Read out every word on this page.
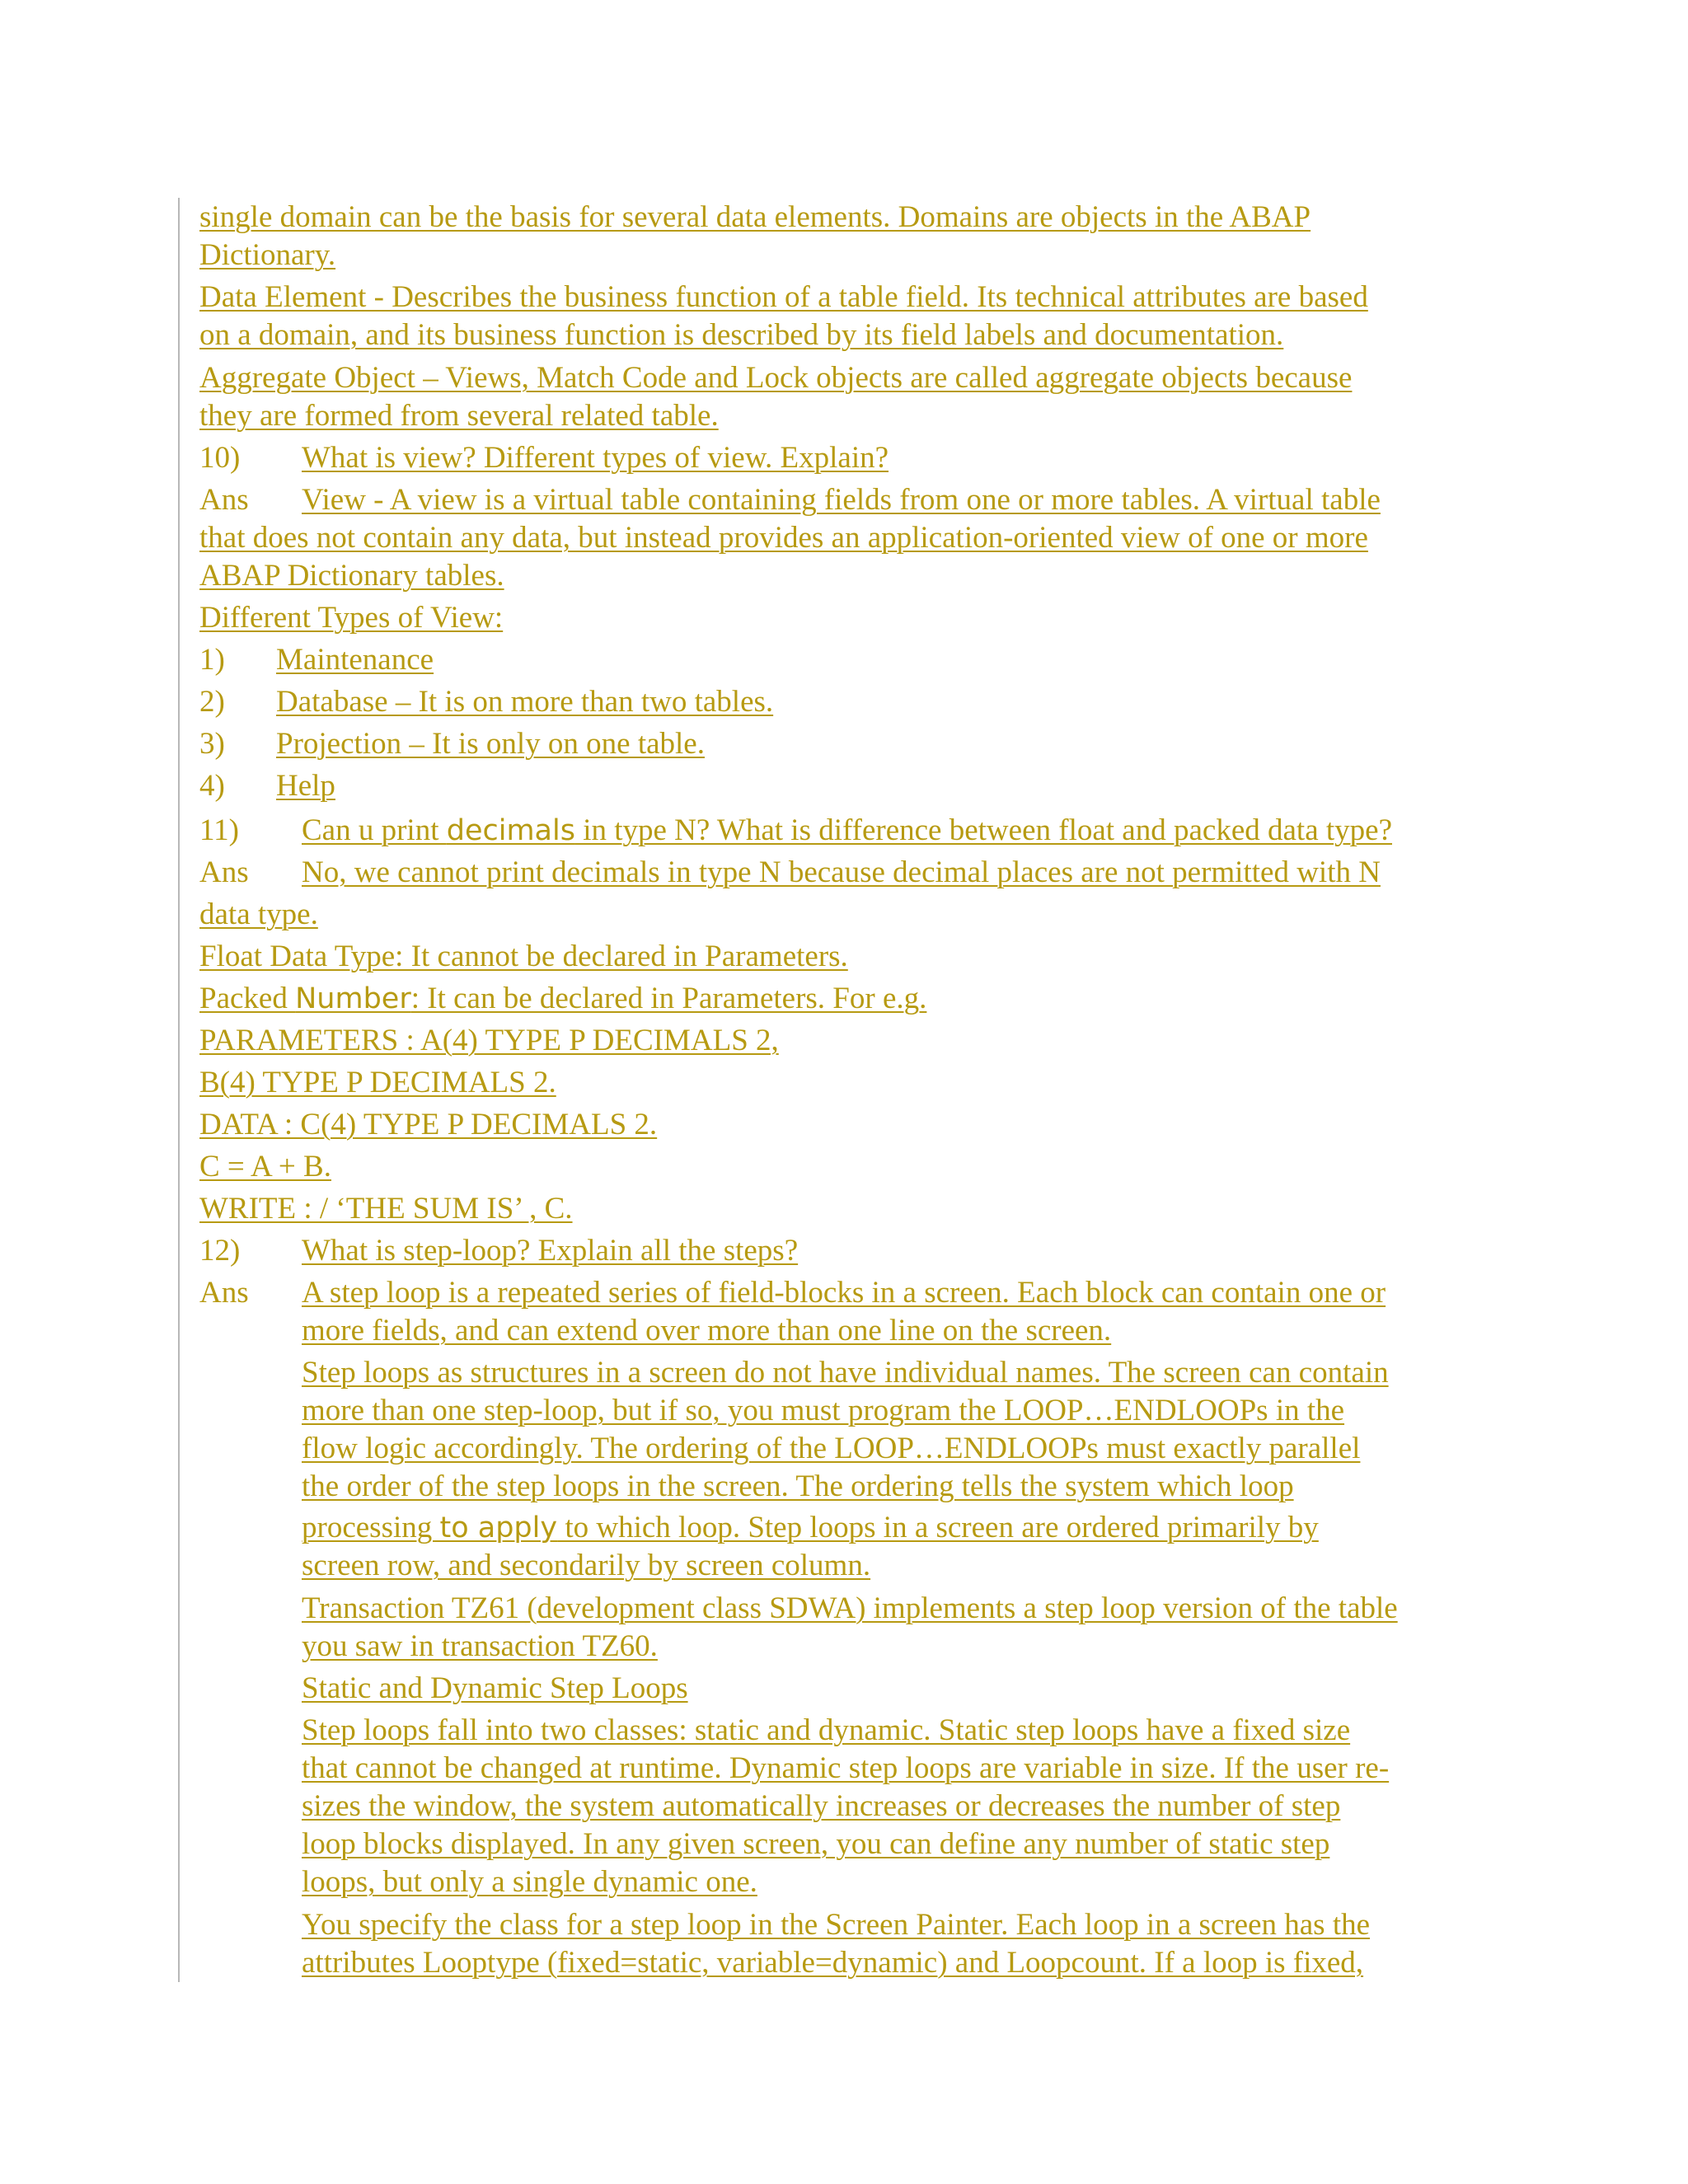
single domain can be the basis for several data elements. Domains are objects in the ABAP

Dictionary.

Data Element - Describes the business function of a table field. Its technical attributes are based

on a domain, and its business function is described by its field labels and documentation.

Aggregate Object – Views, Match Code and Lock objects are called aggregate objects because

they are formed from several related table.

10) What is view? Different types of view. Explain?

Ans View - A view is a virtual table containing fields from one or more tables. A virtual table

that does not contain any data, but instead provides an application-oriented view of one or more

ABAP Dictionary tables.

Different Types of View:

1) Maintenance

2) Database – It is on more than two tables.

3) Projection – It is only on one table.

4) Help

11) Can u print decimals in type N? What is difference between float and packed data type?

Ans No, we cannot print decimals in type N because decimal places are not permitted with N

data type.

Float Data Type: It cannot be declared in Parameters.

Packed Number: It can be declared in Parameters. For e.g.

PARAMETERS : A(4) TYPE P DECIMALS 2,

B(4) TYPE P DECIMALS 2.

DATA : C(4) TYPE P DECIMALS 2.

C = A + B.

WRITE : / ‘THE SUM IS’ , C.

12) What is step-loop? Explain all the steps?

Ans A step loop is a repeated series of field-blocks in a screen. Each block can contain one or

more fields, and can extend over more than one line on the screen.

Step loops as structures in a screen do not have individual names. The screen can contain

more than one step-loop, but if so, you must program the LOOP…ENDLOOPs in the

flow logic accordingly. The ordering of the LOOP…ENDLOOPs must exactly parallel

the order of the step loops in the screen. The ordering tells the system which loop

processing to apply to which loop. Step loops in a screen are ordered primarily by

screen row, and secondarily by screen column.

Transaction TZ61 (development class SDWA) implements a step loop version of the table

you saw in transaction TZ60.

Static and Dynamic Step Loops

Step loops fall into two classes: static and dynamic. Static step loops have a fixed size

that cannot be changed at runtime. Dynamic step loops are variable in size. If the user re-

sizes the window, the system automatically increases or decreases the number of step

loop blocks displayed. In any given screen, you can define any number of static step

loops, but only a single dynamic one.

You specify the class for a step loop in the Screen Painter. Each loop in a screen has the

attributes Looptype (fixed=static, variable=dynamic) and Loopcount. If a loop is fixed,
